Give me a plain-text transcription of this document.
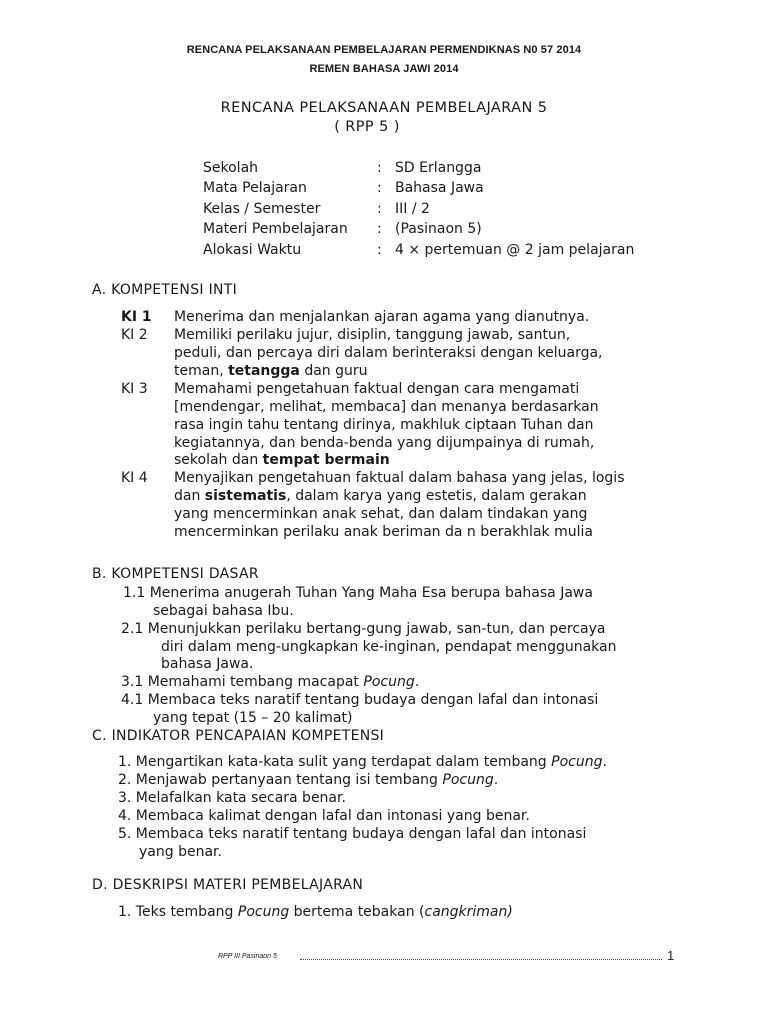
RENCANA PELAKSANAAN PEMBELAJARAN PERMENDIKNAS N0 57 2014
REMEN BAHASA JAWI 2014
RENCANA PELAKSANAAN PEMBELAJARAN 5
( RPP 5 )
Sekolah	: SD Erlangga
Mata Pelajaran	: Bahasa Jawa
Kelas / Semester	: III / 2
Materi Pembelajaran : (Pasinaon 5)
Alokasi Waktu	: 4 × pertemuan @ 2 jam pelajaran
A. KOMPETENSI INTI
KI 1 Menerima dan menjalankan ajaran agama yang dianutnya.
KI 2 Memiliki perilaku jujur, disiplin, tanggung jawab, santun,
peduli, dan percaya diri dalam berinteraksi dengan keluarga,
teman, tetangga dan guru
KI 3 Memahami pengetahuan faktual dengan cara mengamati
[mendengar, melihat, membaca] dan menanya berdasarkan
rasa ingin tahu tentang dirinya, makhluk ciptaan Tuhan dan
kegiatannya, dan benda-benda yang dijumpainya di rumah,
sekolah dan tempat bermain
KI 4 Menyajikan pengetahuan faktual dalam bahasa yang jelas, logis
dan sistematis, dalam karya yang estetis, dalam gerakan
yang mencerminkan anak sehat, dan dalam tindakan yang
mencerminkan perilaku anak beriman da n berakhlak mulia
B. KOMPETENSI DASAR
1.1 Menerima anugerah Tuhan Yang Maha Esa berupa bahasa Jawa
sebagai bahasa Ibu.
2.1 Menunjukkan perilaku bertang-gung jawab, san-tun, dan percaya
diri dalam meng-ungkapkan ke-inginan, pendapat menggunakan
bahasa Jawa.
3.1 Memahami tembang macapat Pocung.
4.1 Membaca teks naratif tentang budaya dengan lafal dan intonasi
yang tepat (15 – 20 kalimat)
C. INDIKATOR PENCAPAIAN KOMPETENSI
1. Mengartikan kata-kata sulit yang terdapat dalam tembang Pocung.
2. Menjawab pertanyaan tentang isi tembang Pocung.
3. Melafalkan kata secara benar.
4. Membaca kalimat dengan lafal dan intonasi yang benar.
5. Membaca teks naratif tentang budaya dengan lafal dan intonasi
yang benar.
D. DESKRIPSI MATERI PEMBELAJARAN
1. Teks tembang Pocung bertema tebakan (cangkriman)
RPP III Pasinaon 5	1
